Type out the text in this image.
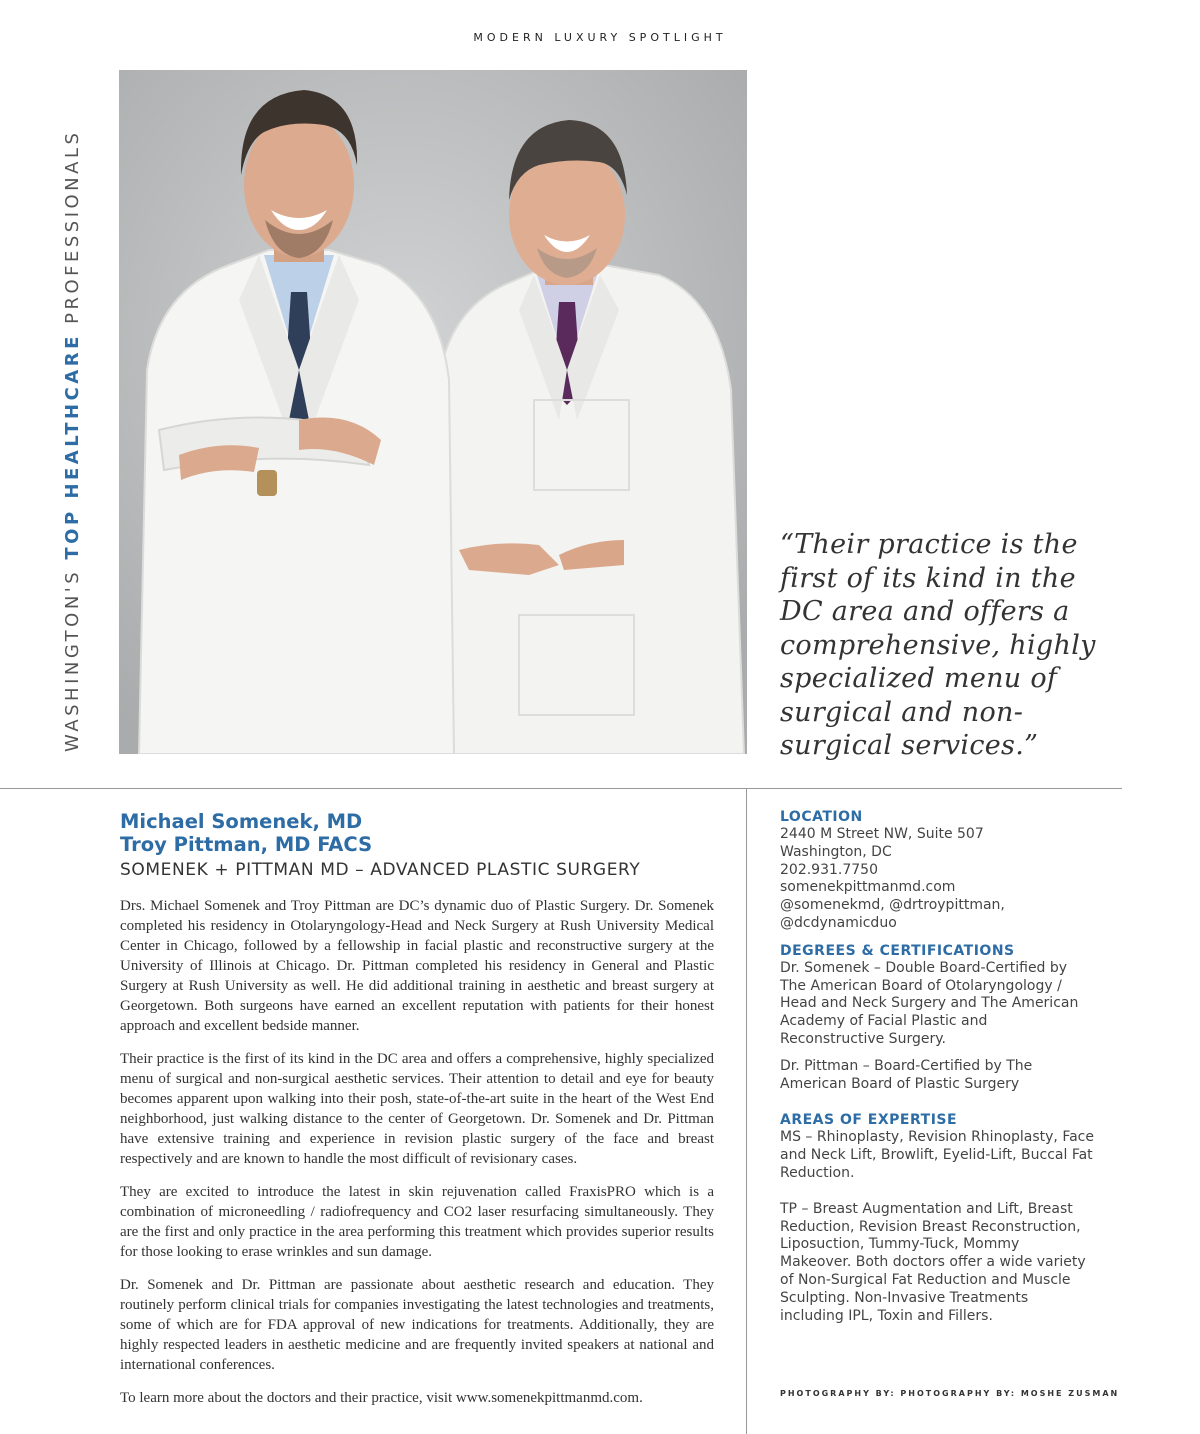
MODERN LUXURY SPOTLIGHT
WASHINGTON'S TOP HEALTHCARE PROFESSIONALS
“Their practice is the first of its kind in the DC area and offers a comprehensive, highly specialized menu of surgical and non-surgical services.”
Michael Somenek, MD
Troy Pittman, MD FACS
SOMENEK + PITTMAN MD – ADVANCED PLASTIC SURGERY

Drs. Michael Somenek and Troy Pittman are DC’s dynamic duo of Plastic Surgery. Dr. Somenek completed his residency in Otolaryngology-Head and Neck Surgery at Rush University Medical Center in Chicago, followed by a fellowship in facial plastic and reconstructive surgery at the University of Illinois at Chicago. Dr. Pittman completed his residency in General and Plastic Surgery at Rush University as well. He did additional training in aesthetic and breast surgery at Georgetown. Both surgeons have earned an excellent reputation with patients for their honest approach and excellent bedside manner.

Their practice is the first of its kind in the DC area and offers a comprehensive, highly specialized menu of surgical and non-surgical aesthetic services. Their attention to detail and eye for beauty becomes apparent upon walking into their posh, state-of-the-art suite in the heart of the West End neighborhood, just walking distance to the center of Georgetown. Dr. Somenek and Dr. Pittman have extensive training and experience in revision plastic surgery of the face and breast respectively and are known to handle the most difficult of revisionary cases.

They are excited to introduce the latest in skin rejuvenation called FraxisPRO which is a combination of microneedling / radiofrequency and CO2 laser resurfacing simultaneously. They are the first and only practice in the area performing this treatment which provides superior results for those looking to erase wrinkles and sun damage.

Dr. Somenek and Dr. Pittman are passionate about aesthetic research and education. They routinely perform clinical trials for companies investigating the latest technologies and treatments, some of which are for FDA approval of new indications for treatments. Additionally, they are highly respected leaders in aesthetic medicine and are frequently invited speakers at national and international conferences.

To learn more about the doctors and their practice, visit www.somenekpittmanmd.com.

LOCATION

2440 M Street NW, Suite 507

Washington, DC

202.931.7750

somenekpittmanmd.com

@somenekmd, @drtroypittman,

@dcdynamicduo

DEGREES & CERTIFICATIONS

Dr. Somenek – Double Board-Certified by The American Board of Otolaryngology / Head and Neck Surgery and The American Academy of Facial Plastic and Reconstructive Surgery.

Dr. Pittman – Board-Certified by The American Board of Plastic Surgery

AREAS OF EXPERTISE

MS – Rhinoplasty, Revision Rhinoplasty, Face and Neck Lift, Browlift, Eyelid-Lift, Buccal Fat Reduction.

TP – Breast Augmentation and Lift, Breast Reduction, Revision Breast Reconstruction, Liposuction, Tummy-Tuck, Mommy Makeover. Both doctors offer a wide variety of Non-Surgical Fat Reduction and Muscle Sculpting. Non-Invasive Treatments including IPL, Toxin and Fillers.

PHOTOGRAPHY BY: PHOTOGRAPHY BY: MOSHE ZUSMAN
